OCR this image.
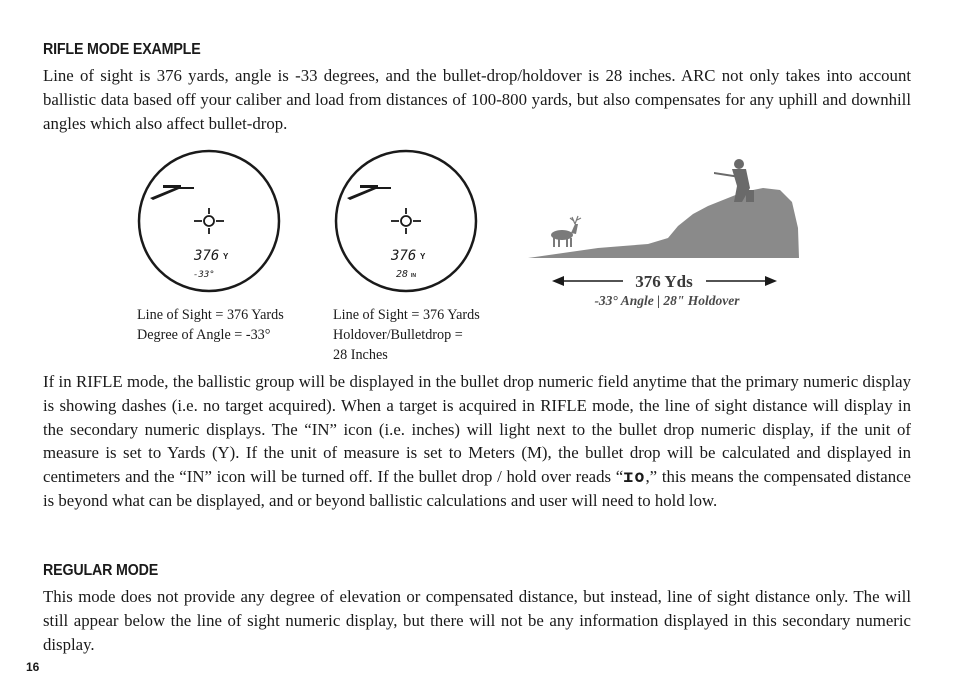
RIFLE MODE EXAMPLE

Line of sight is 376 yards, angle is -33 degrees, and the bullet-drop/holdover is 28 inches. ARC not only takes into account ballistic data based off your caliber and load from distances of 100-800 yards, but also compensates for any uphill and downhill angles which also affect bullet-drop.

376 Y
-33°
376 Y
28 IN
Line of Sight = 376 Yards
Degree of Angle = -33°
Line of Sight = 376 Yards
Holdover/Bulletdrop =
28 Inches
376 Yds
-33° Angle | 28" Holdover

If in RIFLE mode, the ballistic group will be displayed in the bullet drop numeric field anytime that the primary numeric display is showing dashes (i.e. no target acquired). When a target is acquired in RIFLE mode, the line of sight distance will display in the secondary numeric displays. The “IN” icon (i.e. inches) will light next to the bullet drop numeric display, if the unit of measure is set to Yards (Y). If the unit of measure is set to Meters (M), the bullet drop will be calculated and displayed in centimeters and the “IN” icon will be turned off. If the bullet drop / hold over reads “ɪo,” this means the compensated distance is beyond what can be displayed, and or beyond ballistic calculations and user will need to hold low.

REGULAR MODE

This mode does not provide any degree of elevation or compensated distance, but instead, line of sight distance only. The will still appear below the line of sight numeric display, but there will not be any information displayed in this secondary numeric display.

16
